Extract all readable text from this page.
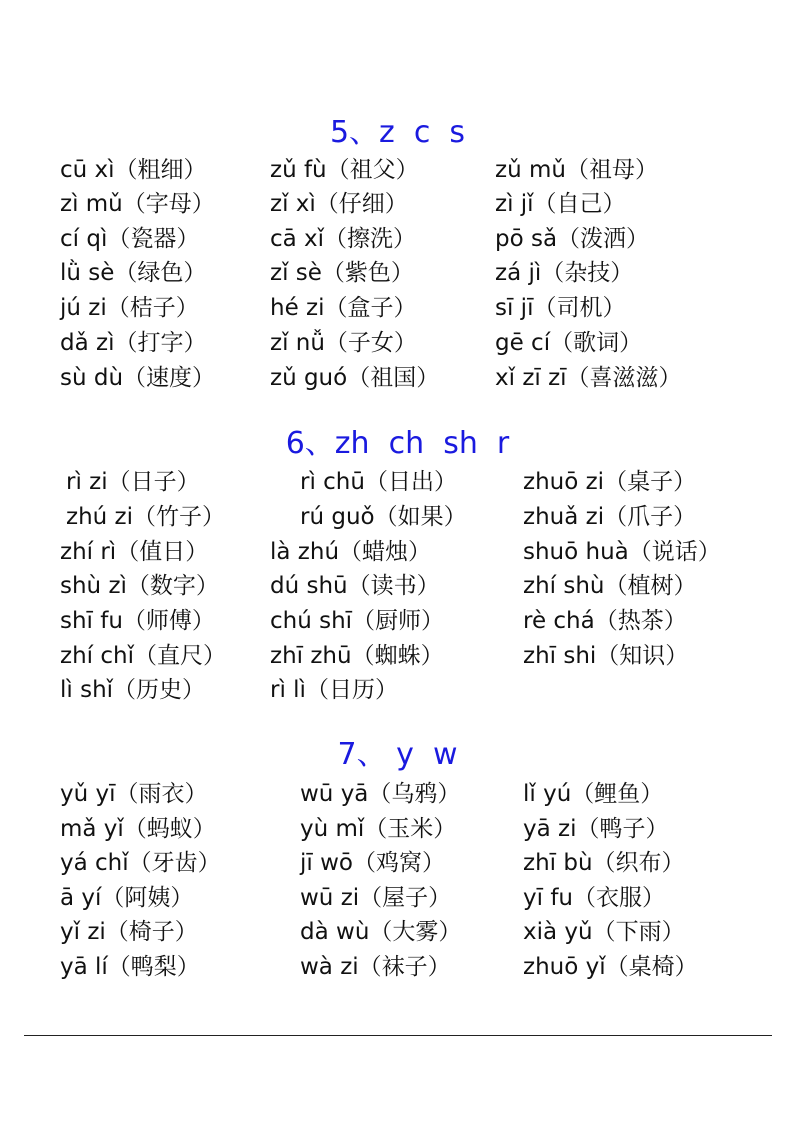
5、z  c  s
cū xì（粗细）	zǔ fù（祖父）	zǔ mǔ（祖母）
zì mǔ（字母） zǐ xì（仔细）	zì jǐ（自己）
cí qì（瓷器）	cā xǐ（擦洗）	pō sǎ（泼洒）
lǜ sè（绿色）	zǐ sè（紫色）	zá jì（杂技）
jú zi（桔子）	hé zi（盒子）	sī jī（司机）
dǎ zì（打字）	zǐ nǚ（子女）	gē cí（歌词）
sù dù（速度） zǔ guó（祖国） xǐ zī zī（喜滋滋）
6、zh  ch  sh  r
rì zi（日子）	rì chū（日出）	zhuō zi（桌子）
zhú zi（竹子）	rú guǒ（如果） zhuǎ zi（爪子）
zhí rì（值日）	là zhú（蜡烛）	shuō huà（说话）
shù zì（数字） dú shū（读书）	zhí shù（植树）
shī fu（师傅） chú shī（厨师）	rè chá（热茶）
zhí chǐ（直尺） zhī zhū（蜘蛛）	zhī shi（知识）
lì shǐ（历史）	rì lì（日历）
7、 y  w
yǔ yī（雨衣）	wū yā（乌鸦）	lǐ yú（鲤鱼）
mǎ yǐ（蚂蚁）	yù mǐ（玉米）	yā zi（鸭子）
yá chǐ（牙齿）	jī wō（鸡窝）	zhī bù（织布）
ā yí（阿姨）	wū zi（屋子）	yī fu（衣服）
yǐ zi（椅子）	dà wù（大雾）	xià yǔ（下雨）
yā lí（鸭梨）	wà zi（袜子）	zhuō yǐ（桌椅）
